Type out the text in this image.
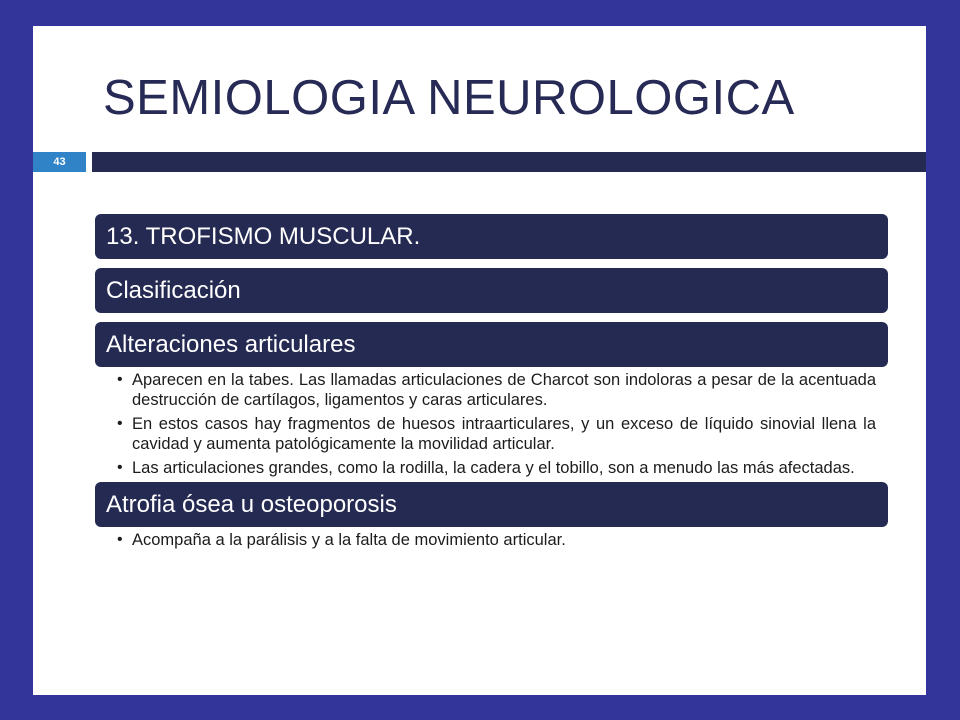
SEMIOLOGIA NEUROLOGICA
43
13. TROFISMO MUSCULAR.
Clasificación
Alteraciones articulares
• Aparecen en la tabes. Las llamadas articulaciones de Charcot son indoloras a pesar de la acentuada destrucción de cartílagos, ligamentos y caras articulares.
• En estos casos hay fragmentos de huesos intraarticulares, y un exceso de líquido sinovial llena la cavidad y aumenta patológicamente la movilidad articular.
• Las articulaciones grandes, como la rodilla, la cadera y el tobillo, son a menudo las más afectadas.
Atrofia ósea u osteoporosis
• Acompaña a la parálisis y a la falta de movimiento articular.
